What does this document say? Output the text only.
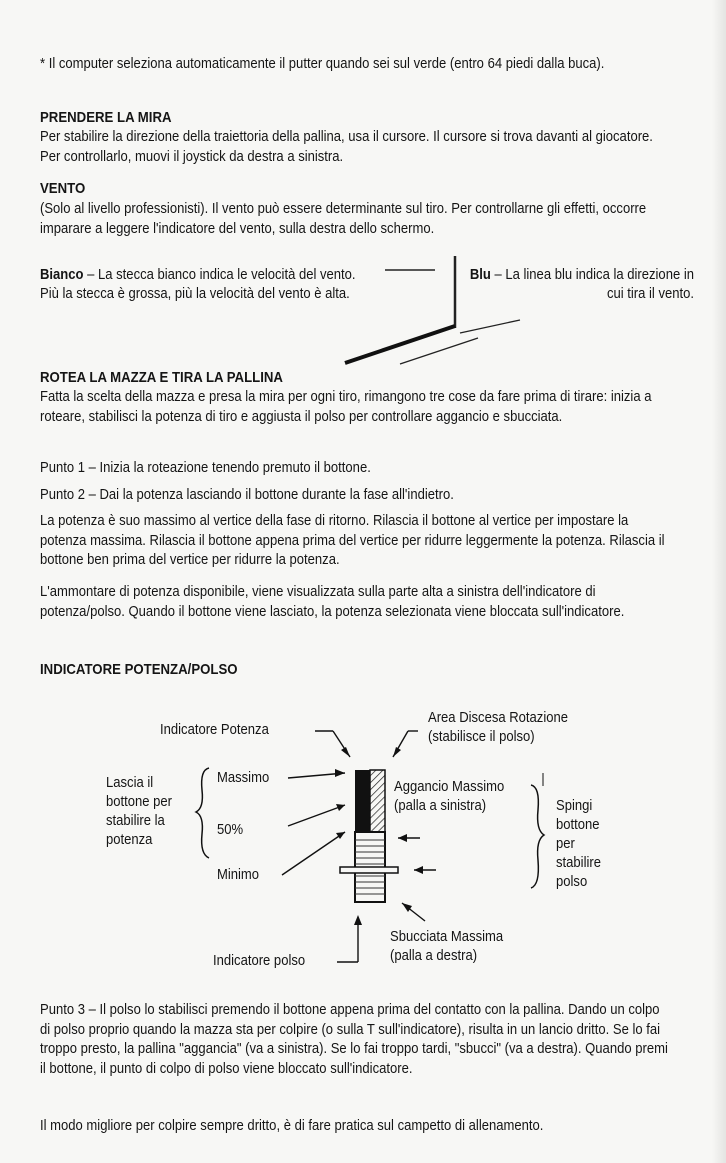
* Il computer seleziona automaticamente il putter quando sei sul verde (entro 64 piedi dalla buca).

PRENDERE LA MIRA

Per stabilire la direzione della traiettoria della pallina, usa il cursore. Il cursore si trova davanti al giocatore. Per controllarlo, muovi il joystick da destra a sinistra.

VENTO

(Solo al livello professionisti). Il vento può essere determinante sul tiro. Per controllarne gli effetti, occorre imparare a leggere l'indicatore del vento, sulla destra dello schermo.

Bianco – La stecca bianco indica le velocità del vento. Più la stecca è grossa, più la velocità del vento è alta.

Blu – La linea blu indica la direzione in cui tira il vento.

ROTEA LA MAZZA E TIRA LA PALLINA

Fatta la scelta della mazza e presa la mira per ogni tiro, rimangono tre cose da fare prima di tirare: inizia a roteare, stabilisci la potenza di tiro e aggiusta il polso per controllare aggancio e sbucciata.

Punto 1 – Inizia la roteazione tenendo premuto il bottone.

Punto 2 – Dai la potenza lasciando il bottone durante la fase all'indietro.

La potenza è suo massimo al vertice della fase di ritorno. Rilascia il bottone al vertice per impostare la potenza massima. Rilascia il bottone appena prima del vertice per ridurre leggermente la potenza. Rilascia il bottone ben prima del vertice per ridurre la potenza.

L'ammontare di potenza disponibile, viene visualizzata sulla parte alta a sinistra dell'indicatore di potenza/polso. Quando il bottone viene lasciato, la potenza selezionata viene bloccata sull'indicatore.

INDICATORE POTENZA/POLSO

Indicatore Potenza

Area Discesa Rotazione (stabilisce il polso)

Lascia il bottone per stabilire la potenza

Massimo

50%

Minimo

Aggancio Massimo (palla a sinistra)	Spingi bottone per stabilire polso

Sbucciata Massima (palla a destra)

Indicatore polso

Punto 3 – Il polso lo stabilisci premendo il bottone appena prima del contatto con la pallina. Dando un colpo di polso proprio quando la mazza sta per colpire (o sulla T sull'indicatore), risulta in un lancio dritto. Se lo fai troppo presto, la pallina "aggancia" (va a sinistra). Se lo fai troppo tardi, "sbucci" (va a destra). Quando premi il bottone, il punto di colpo di polso viene bloccato sull'indicatore.

Il modo migliore per colpire sempre dritto, è di fare pratica sul campetto di allenamento.
